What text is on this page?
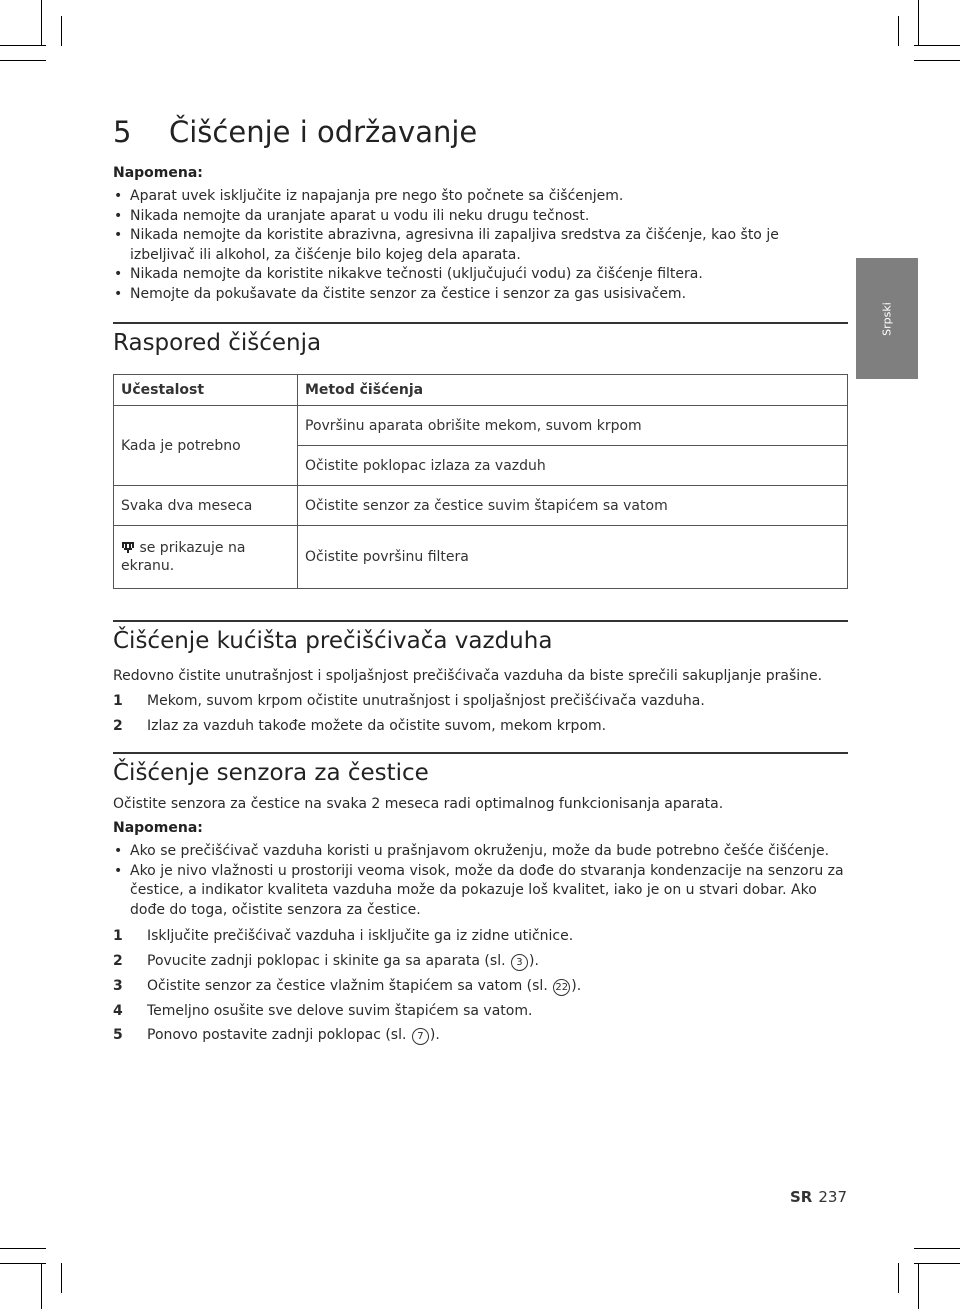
Srpski
5	Čišćenje i održavanje
Napomena:
• Aparat uvek isključite iz napajanja pre nego što počnete sa čišćenjem.
• Nikada nemojte da uranjate aparat u vodu ili neku drugu tečnost.
• Nikada nemojte da koristite abrazivna, agresivna ili zapaljiva sredstva za čišćenje, kao što je izbeljivač ili alkohol, za čišćenje bilo kojeg dela aparata.
• Nikada nemojte da koristite nikakve tečnosti (uključujući vodu) za čišćenje filtera.
• Nemojte da pokušavate da čistite senzor za čestice i senzor za gas usisivačem.
Raspored čišćenja
Učestalost	Metod čišćenja
Kada je potrebno	Površinu aparata obrišite mekom, suvom krpom
	Očistite poklopac izlaza za vazduh
Svaka dva meseca	Očistite senzor za čestice suvim štapićem sa vatom
se prikazuje na ekranu.	Očistite površinu filtera
Čišćenje kućišta prečišćivača vazduha

Redovno čistite unutrašnjost i spoljašnjost prečišćivača vazduha da biste sprečili sakupljanje prašine.

1	Mekom, suvom krpom očistite unutrašnjost i spoljašnjost prečišćivača vazduha.
2	Izlaz za vazduh takođe možete da očistite suvom, mekom krpom.
Čišćenje senzora za čestice

Očistite senzora za čestice na svaka 2 meseca radi optimalnog funkcionisanja aparata.

Napomena:
• Ako se prečišćivač vazduha koristi u prašnjavom okruženju, može da bude potrebno češće čišćenje.
• Ako je nivo vlažnosti u prostoriji veoma visok, može da dođe do stvaranja kondenzacije na senzoru za čestice, a indikator kvaliteta vazduha može da pokazuje loš kvalitet, iako je on u stvari dobar. Ako dođe do toga, očistite senzora za čestice.
1	Isključite prečišćivač vazduha i isključite ga iz zidne utičnice.
2	Povucite zadnji poklopac i skinite ga sa aparata (sl. 3 ).
3	Očistite senzor za čestice vlažnim štapićem sa vatom (sl. 22 ).
4	Temeljno osušite sve delove suvim štapićem sa vatom.
5	Ponovo postavite zadnji poklopac (sl. 7 ).
SR 237
